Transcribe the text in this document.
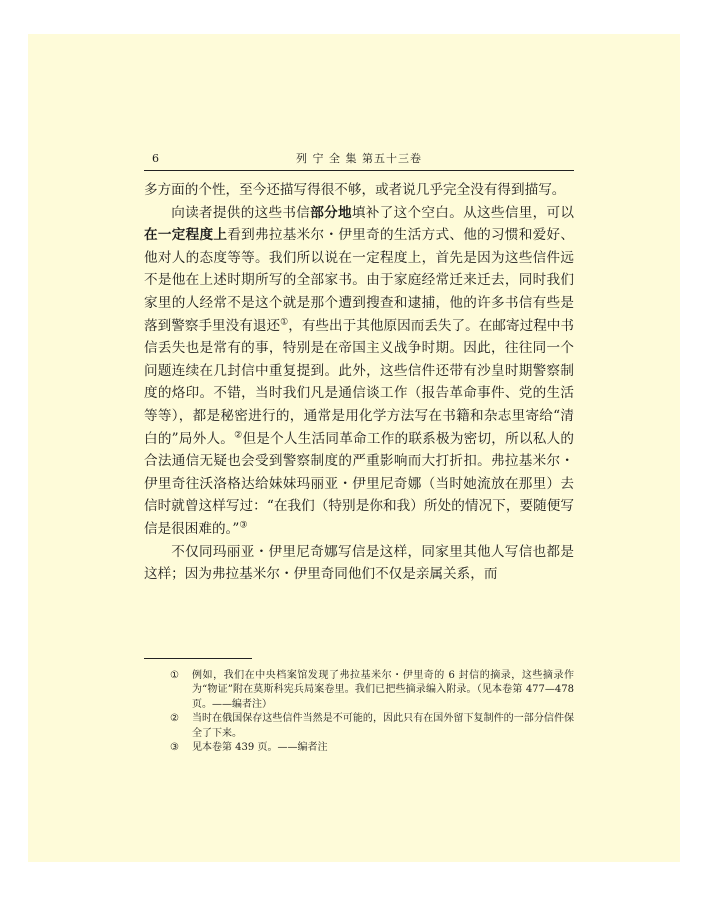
6	列 宁 全 集 第五十三卷

多方面的个性，至今还描写得很不够，或者说几乎完全没有得到描写。

向读者提供的这些书信部分地填补了这个空白。从这些信里，可以在一定程度上看到弗拉基米尔・伊里奇的生活方式、他的习惯和爱好、他对人的态度等等。我们所以说在一定程度上，首先是因为这些信件远不是他在上述时期所写的全部家书。由于家庭经常迁来迁去，同时我们家里的人经常不是这个就是那个遭到搜查和逮捕，他的许多书信有些是落到警察手里没有退还①，有些出于其他原因而丢失了。在邮寄过程中书信丢失也是常有的事，特别是在帝国主义战争时期。因此，往往同一个问题连续在几封信中重复提到。此外，这些信件还带有沙皇时期警察制度的烙印。不错，当时我们凡是通信谈工作（报告革命事件、党的生活等等），都是秘密进行的，通常是用化学方法写在书籍和杂志里寄给“清白的”局外人。②但是个人生活同革命工作的联系极为密切，所以私人的合法通信无疑也会受到警察制度的严重影响而大打折扣。弗拉基米尔・伊里奇往沃洛格达给妹妹玛丽亚・伊里尼奇娜（当时她流放在那里）去信时就曾这样写过：“在我们（特别是你和我）所处的情况下，要随便写信是很困难的。”③

不仅同玛丽亚・伊里尼奇娜写信是这样，同家里其他人写信也都是这样；因为弗拉基米尔・伊里奇同他们不仅是亲属关系，而

① 例如，我们在中央档案馆发现了弗拉基米尔・伊里奇的 6 封信的摘录，这些摘录作为“物证”附在莫斯科宪兵局案卷里。我们已把些摘录编入附录。（见本卷第 477—478 页。——编者注）
② 当时在俄国保存这些信件当然是不可能的，因此只有在国外留下复制件的一部分信件保全了下来。
③ 见本卷第 439 页。——编者注
